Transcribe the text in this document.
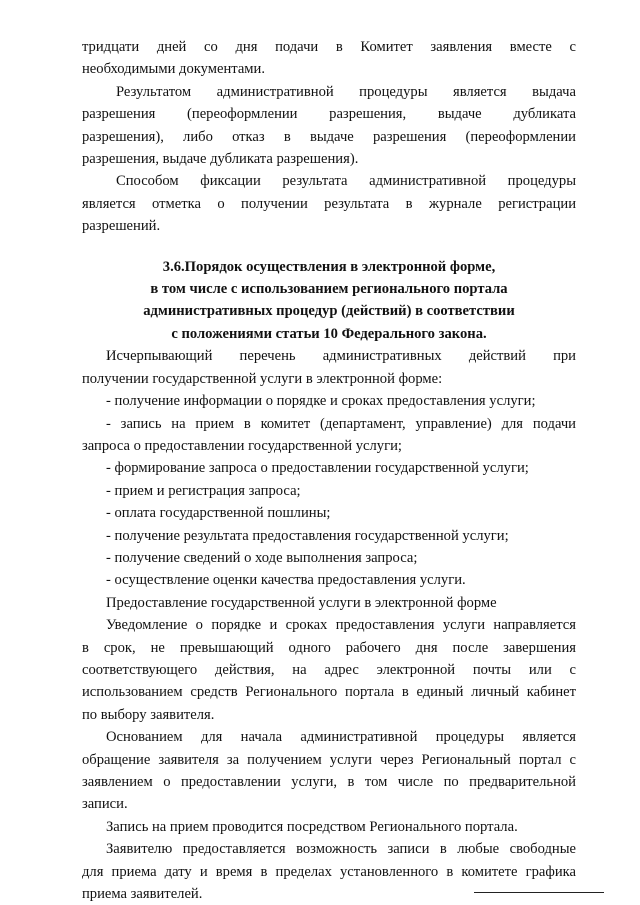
тридцати дней со дня подачи в Комитет заявления вместе с
необходимыми документами.
Результатом административной процедуры является выдача
разрешения (переоформлении разрешения, выдаче дубликата
разрешения), либо отказ в выдаче разрешения (переоформлении
разрешения, выдаче дубликата разрешения).
Способом фиксации результата административной процедуры
является отметка о получении результата в журнале регистрации
разрешений.
3.6.Порядок осуществления в электронной форме,
в том числе с использованием регионального портала
административных процедур (действий) в соответствии
с положениями статьи 10 Федерального закона.
Исчерпывающий перечень административных действий при
получении государственной услуги в электронной форме:
- получение информации о порядке и сроках предоставления услуги;
- запись на прием в комитет (департамент, управление) для подачи
запроса о предоставлении государственной услуги;
- формирование запроса о предоставлении государственной услуги;
- прием и регистрация запроса;
- оплата государственной пошлины;
- получение результата предоставления государственной услуги;
- получение сведений о ходе выполнения запроса;
- осуществление оценки качества предоставления услуги.
Предоставление государственной услуги в электронной форме
Уведомление о порядке и сроках предоставления услуги направляется
в срок, не превышающий одного рабочего дня после завершения
соответствующего действия, на адрес электронной почты или с
использованием средств Регионального портала в единый личный кабинет
по выбору заявителя.
Основанием для начала административной процедуры является
обращение заявителя за получением услуги через Региональный портал с
заявлением о предоставлении услуги, в том числе по предварительной
записи.
Запись на прием проводится посредством Регионального портала.
Заявителю предоставляется возможность записи в любые свободные
для приема дату и время в пределах установленного в комитете графика
приема заявителей.
